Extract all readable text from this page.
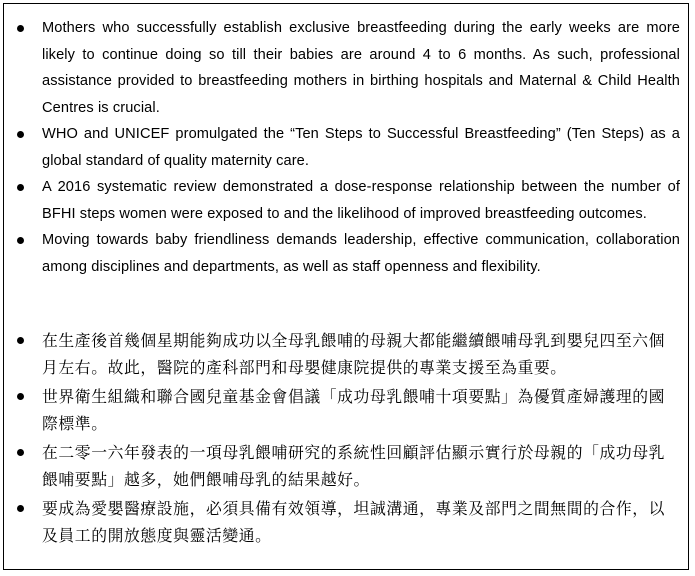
Mothers who successfully establish exclusive breastfeeding during the early weeks are more likely to continue doing so till their babies are around 4 to 6 months. As such, professional assistance provided to breastfeeding mothers in birthing hospitals and Maternal & Child Health Centres is crucial.
WHO and UNICEF promulgated the “Ten Steps to Successful Breastfeeding” (Ten Steps) as a global standard of quality maternity care.
A 2016 systematic review demonstrated a dose-response relationship between the number of BFHI steps women were exposed to and the likelihood of improved breastfeeding outcomes.
Moving towards baby friendliness demands leadership, effective communication, collaboration among disciplines and departments, as well as staff openness and flexibility.
在生產後首幾個星期能夠成功以全母乳餵哺的母親大都能繼續餵哺母乳到嬰兒四至六個月左右。故此，醫院的產科部門和母嬰健康院提供的專業支援至為重要。
世界衛生組織和聯合國兒童基金會倡議「成功母乳餵哺十項要點」為優質產婦護理的國際標準。
在二零一六年發表的一項母乳餵哺研究的系統性回顧評估顯示實行於母親的「成功母乳餵哺要點」越多，她們餵哺母乳的結果越好。
要成為愛嬰醫療設施，必須具備有效領導，坦誠溝通，專業及部門之間無間的合作，以及員工的開放態度與靈活變通。
